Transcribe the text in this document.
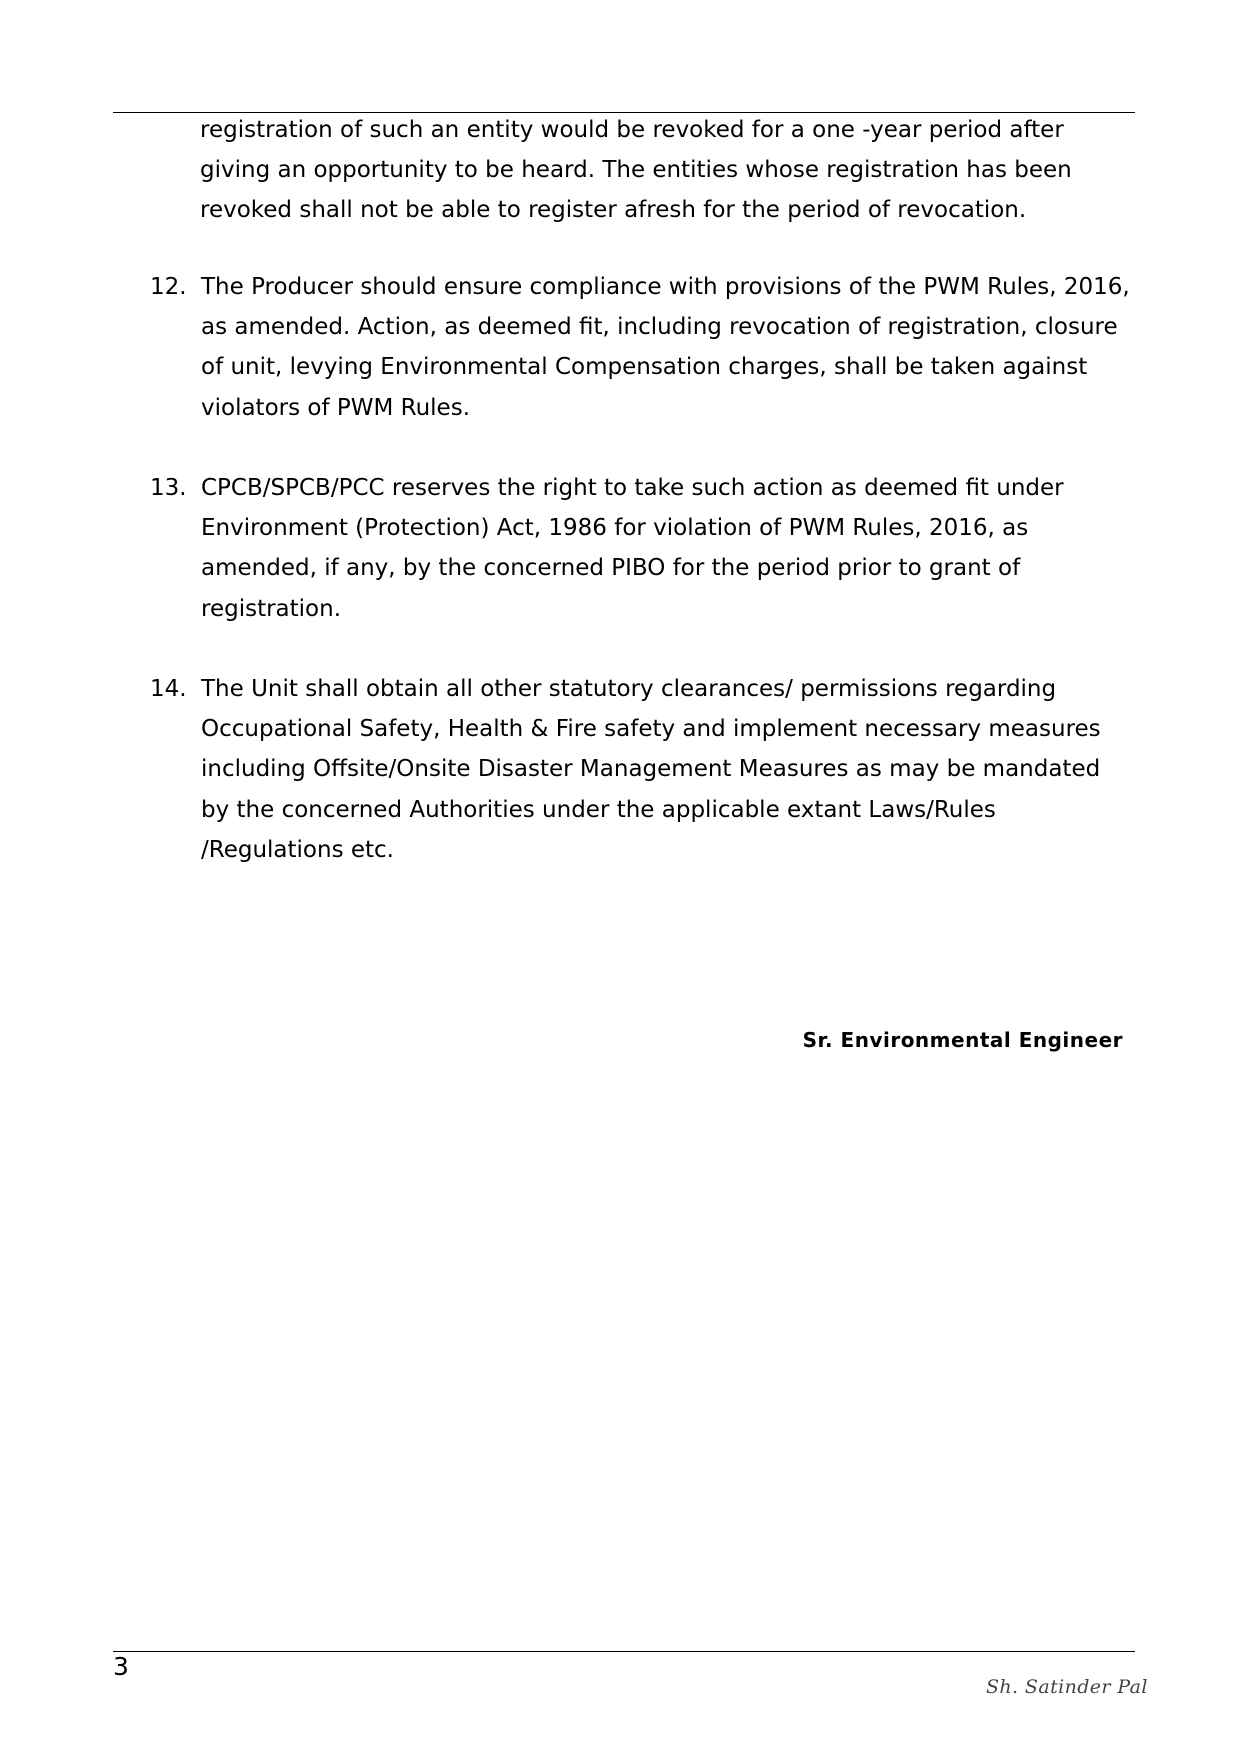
registration of such an entity would be revoked for a one -year period after
giving an opportunity to be heard. The entities whose registration has been
revoked shall not be able to register afresh for the period of revocation.
12. The Producer should ensure compliance with provisions of the PWM Rules, 2016,
as amended. Action, as deemed fit, including revocation of registration, closure
of unit, levying Environmental Compensation charges, shall be taken against
violators of PWM Rules.
13. CPCB/SPCB/PCC reserves the right to take such action as deemed fit under
Environment (Protection) Act, 1986 for violation of PWM Rules, 2016, as
amended, if any, by the concerned PIBO for the period prior to grant of
registration.
14. The Unit shall obtain all other statutory clearances/ permissions regarding
Occupational Safety, Health & Fire safety and implement necessary measures
including Offsite/Onsite Disaster Management Measures as may be mandated
by the concerned Authorities under the applicable extant Laws/Rules
/Regulations etc.
Sr. Environmental Engineer
3
Sh. Satinder Pal
